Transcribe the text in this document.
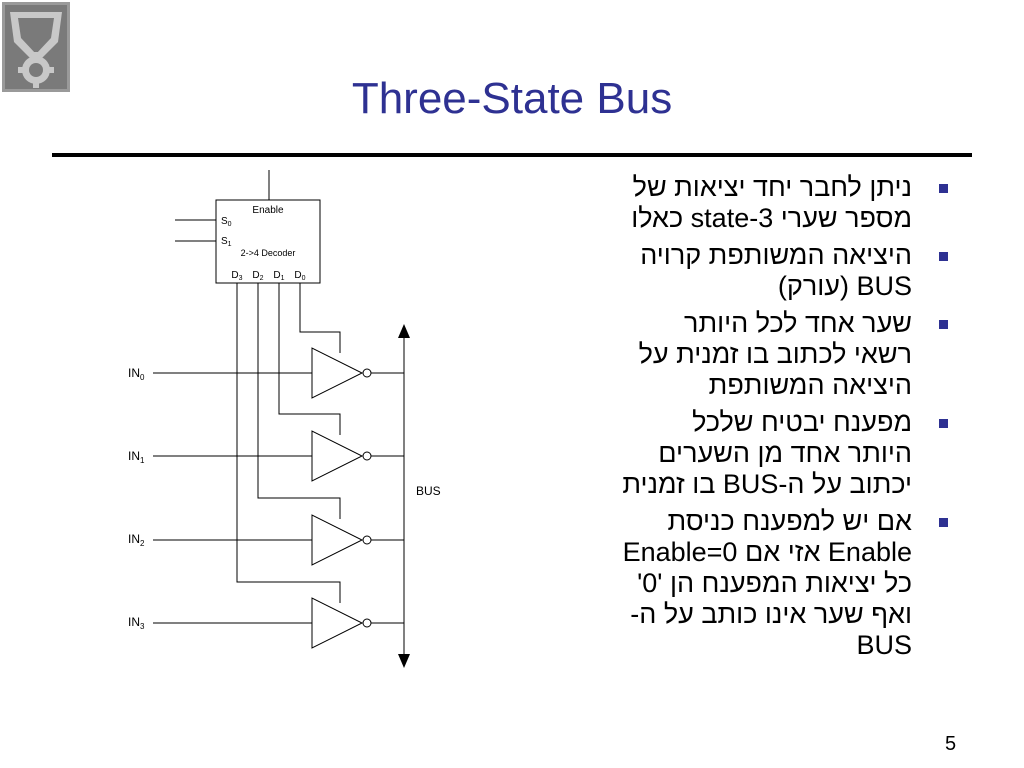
Three-State Bus
Enable
$S_0$
$S_1$
2->4 Decoder
$D_3$ $D_2$ $D_1$ $D_0$
$IN_0$
$IN_1$
$IN_2$
$IN_3$
BUS
ניתן לחבר יחד יציאות של מספר שערי 3-state כאלו
היציאה המשותפת קרויה BUS (עורק)
שער אחד לכל היותר רשאי לכתוב בו זמנית על היציאה המשותפת
מפענח יבטיח שלכל היותר אחד מן השערים יכתוב על ה-BUS בו זמנית
אם יש למפענח כניסת Enable אזי אם Enable=0 כל יציאות המפענח הן '0' ואף שער אינו כותב על ה-BUS
5
